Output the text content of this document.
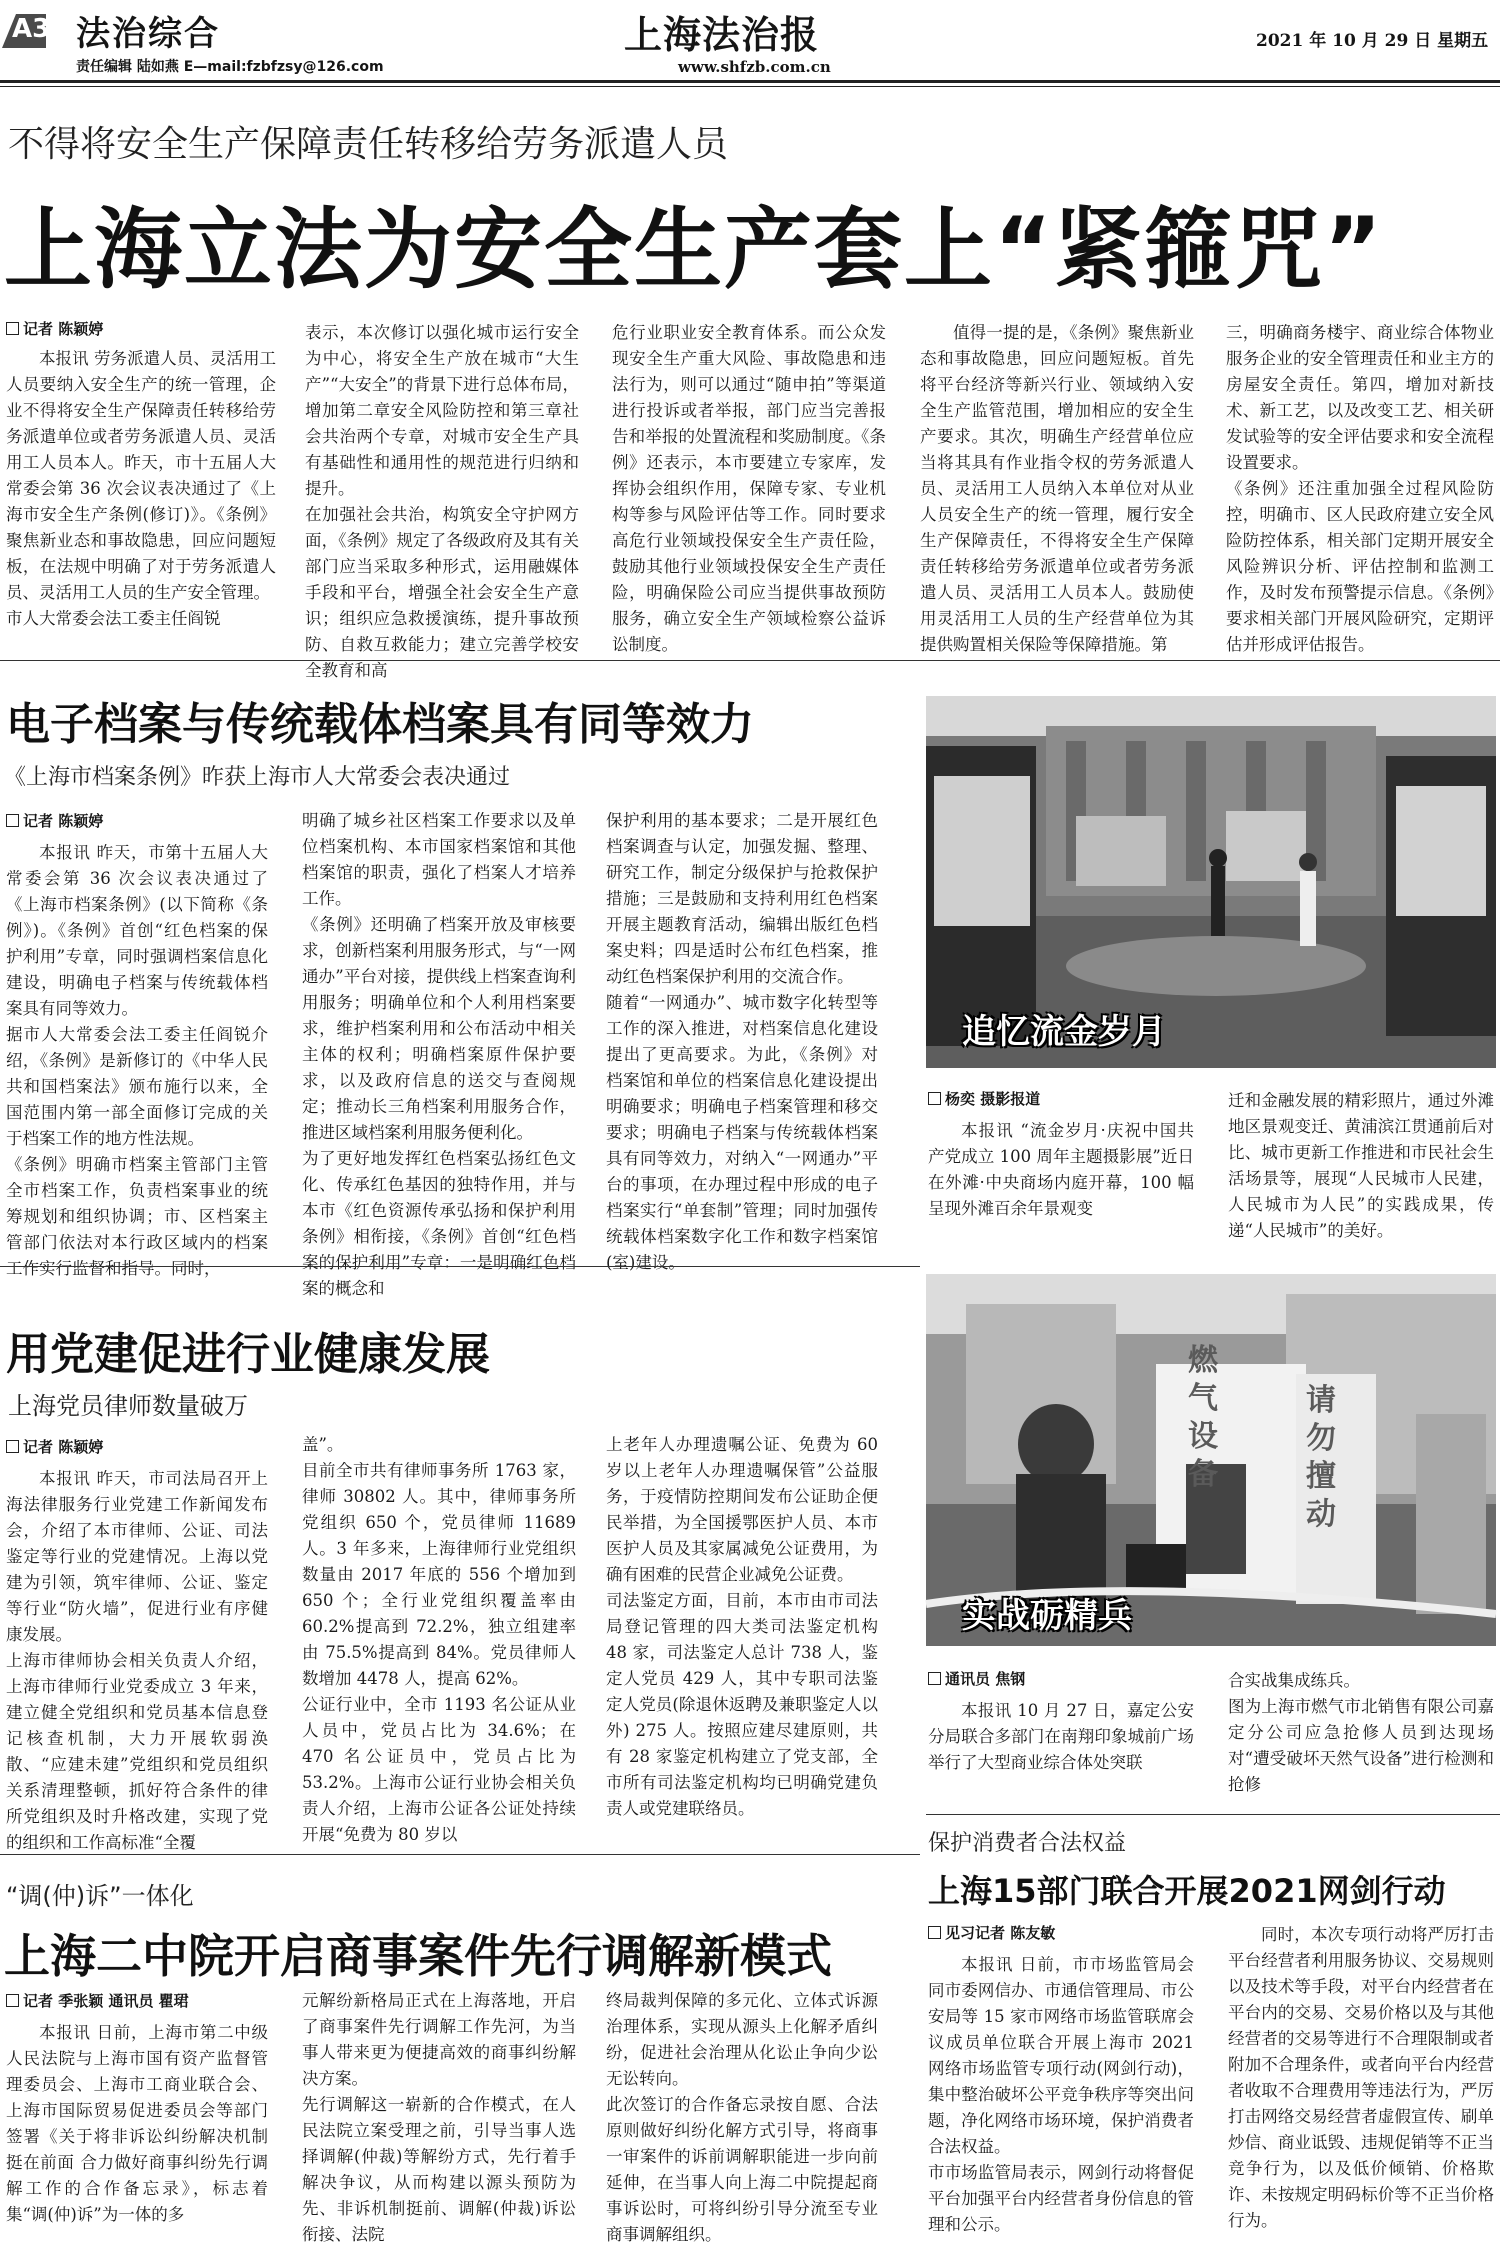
A3 法治综合
责任编辑 陆如燕 E—mail:fzbfzsy@126.com
上海法治报
www.shfzb.com.cn
2021 年 10 月 29 日 星期五
不得将安全生产保障责任转移给劳务派遣人员
上海立法为安全生产套上“紧箍咒”
记者 陈颖婷
本报讯 劳务派遣人员、灵活用工人员要纳入安全生产的统一管理，企业不得将安全生产保障责任转移给劳务派遣单位或者劳务派遣人员、灵活用工人员本人。昨天，市十五届人大常委会第 36 次会议表决通过了《上海市安全生产条例(修订)》。《条例》聚焦新业态和事故隐患，回应问题短板，在法规中明确了对于劳务派遣人员、灵活用工人员的生产安全管理。
市人大常委会法工委主任阎锐
表示，本次修订以强化城市运行安全为中心，将安全生产放在城市“大生产”“大安全”的背景下进行总体布局，增加第二章安全风险防控和第三章社会共治两个专章，对城市安全生产具有基础性和通用性的规范进行归纳和提升。
在加强社会共治，构筑安全守护网方面，《条例》规定了各级政府及其有关部门应当采取多种形式，运用融媒体手段和平台，增强全社会安全生产意识；组织应急救援演练，提升事故预防、自救互救能力；建立完善学校安全教育和高
危行业职业安全教育体系。而公众发现安全生产重大风险、事故隐患和违法行为，则可以通过“随申拍”等渠道进行投诉或者举报，部门应当完善报告和举报的处置流程和奖励制度。《条例》还表示，本市要建立专家库，发挥协会组织作用，保障专家、专业机构等参与风险评估等工作。同时要求高危行业领域投保安全生产责任险，鼓励其他行业领域投保安全生产责任险，明确保险公司应当提供事故预防服务，确立安全生产领域检察公益诉讼制度。
值得一提的是，《条例》聚焦新业态和事故隐患，回应问题短板。首先将平台经济等新兴行业、领域纳入安全生产监管范围，增加相应的安全生产要求。其次，明确生产经营单位应当将其具有作业指令权的劳务派遣人员、灵活用工人员纳入本单位对从业人员安全生产的统一管理，履行安全生产保障责任，不得将安全生产保障责任转移给劳务派遣单位或者劳务派遣人员、灵活用工人员本人。鼓励使用灵活用工人员的生产经营单位为其提供购置相关保险等保障措施。第
三，明确商务楼宇、商业综合体物业服务企业的安全管理责任和业主方的房屋安全责任。第四，增加对新技术、新工艺，以及改变工艺、相关研发试验等的安全评估要求和安全流程设置要求。
《条例》还注重加强全过程风险防控，明确市、区人民政府建立安全风险防控体系，相关部门定期开展安全风险辨识分析、评估控制和监测工作，及时发布预警提示信息。《条例》要求相关部门开展风险研究，定期评估并形成评估报告。
电子档案与传统载体档案具有同等效力
《上海市档案条例》昨获上海市人大常委会表决通过
记者 陈颖婷
本报讯 昨天，市第十五届人大常委会第 36 次会议表决通过了《上海市档案条例》(以下简称《条例》)。《条例》首创“红色档案的保护利用”专章，同时强调档案信息化建设，明确电子档案与传统载体档案具有同等效力。
据市人大常委会法工委主任阎锐介绍，《条例》是新修订的《中华人民共和国档案法》颁布施行以来，全国范围内第一部全面修订完成的关于档案工作的地方性法规。
《条例》明确市档案主管部门主管全市档案工作，负责档案事业的统筹规划和组织协调；市、区档案主管部门依法对本行政区域内的档案工作实行监督和指导。同时，
明确了城乡社区档案工作要求以及单位档案机构、本市国家档案馆和其他档案馆的职责，强化了档案人才培养工作。
《条例》还明确了档案开放及审核要求，创新档案利用服务形式，与“一网通办”平台对接，提供线上档案查询利用服务；明确单位和个人利用档案要求，维护档案利用和公布活动中相关主体的权利；明确档案原件保护要求，以及政府信息的送交与查阅规定；推动长三角档案利用服务合作，推进区域档案利用服务便利化。
为了更好地发挥红色档案弘扬红色文化、传承红色基因的独特作用，并与本市《红色资源传承弘扬和保护利用条例》相衔接，《条例》首创“红色档案的保护利用”专章：一是明确红色档案的概念和
保护利用的基本要求；二是开展红色档案调查与认定，加强发掘、整理、研究工作，制定分级保护与抢救保护措施；三是鼓励和支持利用红色档案开展主题教育活动，编辑出版红色档案史料；四是适时公布红色档案，推动红色档案保护利用的交流合作。
随着“一网通办”、城市数字化转型等工作的深入推进，对档案信息化建设提出了更高要求。为此，《条例》对档案馆和单位的档案信息化建设提出明确要求；明确电子档案管理和移交要求；明确电子档案与传统载体档案具有同等效力，对纳入“一网通办”平台的事项，在办理过程中形成的电子档案实行“单套制”管理；同时加强传统载体档案数字化工作和数字档案馆(室)建设。
追忆流金岁月
杨奕 摄影报道
本报讯 “流金岁月·庆祝中国共产党成立 100 周年主题摄影展”近日在外滩·中央商场内庭开幕，100 幅呈现外滩百余年景观变
迁和金融发展的精彩照片，通过外滩地区景观变迁、黄浦滨江贯通前后对比、城市更新工作推进和市民社会生活场景等，展现“人民城市人民建，人民城市为人民”的实践成果，传递“人民城市”的美好。
用党建促进行业健康发展
上海党员律师数量破万
记者 陈颖婷
本报讯 昨天，市司法局召开上海法律服务行业党建工作新闻发布会，介绍了本市律师、公证、司法鉴定等行业的党建情况。上海以党建为引领，筑牢律师、公证、鉴定等行业“防火墙”，促进行业有序健康发展。
上海市律师协会相关负责人介绍，上海市律师行业党委成立 3 年来，建立健全党组织和党员基本信息登记核查机制，大力开展软弱涣散、“应建未建”党组织和党员组织关系清理整顿，抓好符合条件的律所党组织及时升格改建，实现了党的组织和工作高标准“全覆
盖”。
目前全市共有律师事务所 1763 家，律师 30802 人。其中，律师事务所党组织 650 个，党员律师 11689 人。3 年多来，上海律师行业党组织数量由 2017 年底的 556 个增加到 650 个；全行业党组织覆盖率由 60.2%提高到 72.2%，独立组建率由 75.5%提高到 84%。党员律师人数增加 4478 人，提高 62%。
公证行业中，全市 1193 名公证从业人员中，党员占比为 34.6%；在 470 名公证员中，党员占比为 53.2%。上海市公证行业协会相关负责人介绍，上海市公证各公证处持续开展“免费为 80 岁以
上老年人办理遗嘱公证、免费为 60 岁以上老年人办理遗嘱保管”公益服务，于疫情防控期间发布公证助企便民举措，为全国援鄂医护人员、本市医护人员及其家属减免公证费用，为确有困难的民营企业减免公证费。
司法鉴定方面，目前，本市由市司法局登记管理的四大类司法鉴定机构 48 家，司法鉴定人总计 738 人，鉴定人党员 429 人，其中专职司法鉴定人党员(除退休返聘及兼职鉴定人以外) 275 人。按照应建尽建原则，共有 28 家鉴定机构建立了党支部，全市所有司法鉴定机构均已明确党建负责人或党建联络员。
燃气设备
请勿擅动
实战砺精兵
通讯员 焦钢
本报讯 10 月 27 日，嘉定公安分局联合多部门在南翔印象城前广场举行了大型商业综合体处突联
合实战集成练兵。
图为上海市燃气市北销售有限公司嘉定分公司应急抢修人员到达现场对“遭受破坏天然气设备”进行检测和抢修
“调(仲)诉”一体化
上海二中院开启商事案件先行调解新模式
记者 季张颖 通讯员 瞿珺
本报讯 日前，上海市第二中级人民法院与上海市国有资产监督管理委员会、上海市工商业联合会、上海市国际贸易促进委员会等部门签署《关于将非诉讼纠纷解决机制挺在前面 合力做好商事纠纷先行调解工作的合作备忘录》，标志着集“调(仲)诉”为一体的多
元解纷新格局正式在上海落地，开启了商事案件先行调解工作先河，为当事人带来更为便捷高效的商事纠纷解决方案。
先行调解这一崭新的合作模式，在人民法院立案受理之前，引导当事人选择调解(仲裁)等解纷方式，先行着手解决争议，从而构建以源头预防为先、非诉机制挺前、调解(仲裁)诉讼衔接、法院
终局裁判保障的多元化、立体式诉源治理体系，实现从源头上化解矛盾纠纷，促进社会治理从化讼止争向少讼无讼转向。
此次签订的合作备忘录按自愿、合法原则做好纠纷化解方式引导，将商事一审案件的诉前调解职能进一步向前延伸，在当事人向上海二中院提起商事诉讼时，可将纠纷引导分流至专业商事调解组织。
保护消费者合法权益
上海15部门联合开展2021网剑行动
见习记者 陈友敏
本报讯 日前，市市场监管局会同市委网信办、市通信管理局、市公安局等 15 家市网络市场监管联席会议成员单位联合开展上海市 2021 网络市场监管专项行动(网剑行动)，集中整治破坏公平竞争秩序等突出问题，净化网络市场环境，保护消费者合法权益。
市市场监管局表示，网剑行动将督促平台加强平台内经营者身份信息的管理和公示。
同时，本次专项行动将严厉打击平台经营者利用服务协议、交易规则以及技术等手段，对平台内经营者在平台内的交易、交易价格以及与其他经营者的交易等进行不合理限制或者附加不合理条件，或者向平台内经营者收取不合理费用等违法行为，严厉打击网络交易经营者虚假宣传、刷单炒信、商业诋毁、违规促销等不正当竞争行为，以及低价倾销、价格欺诈、未按规定明码标价等不正当价格行为。
